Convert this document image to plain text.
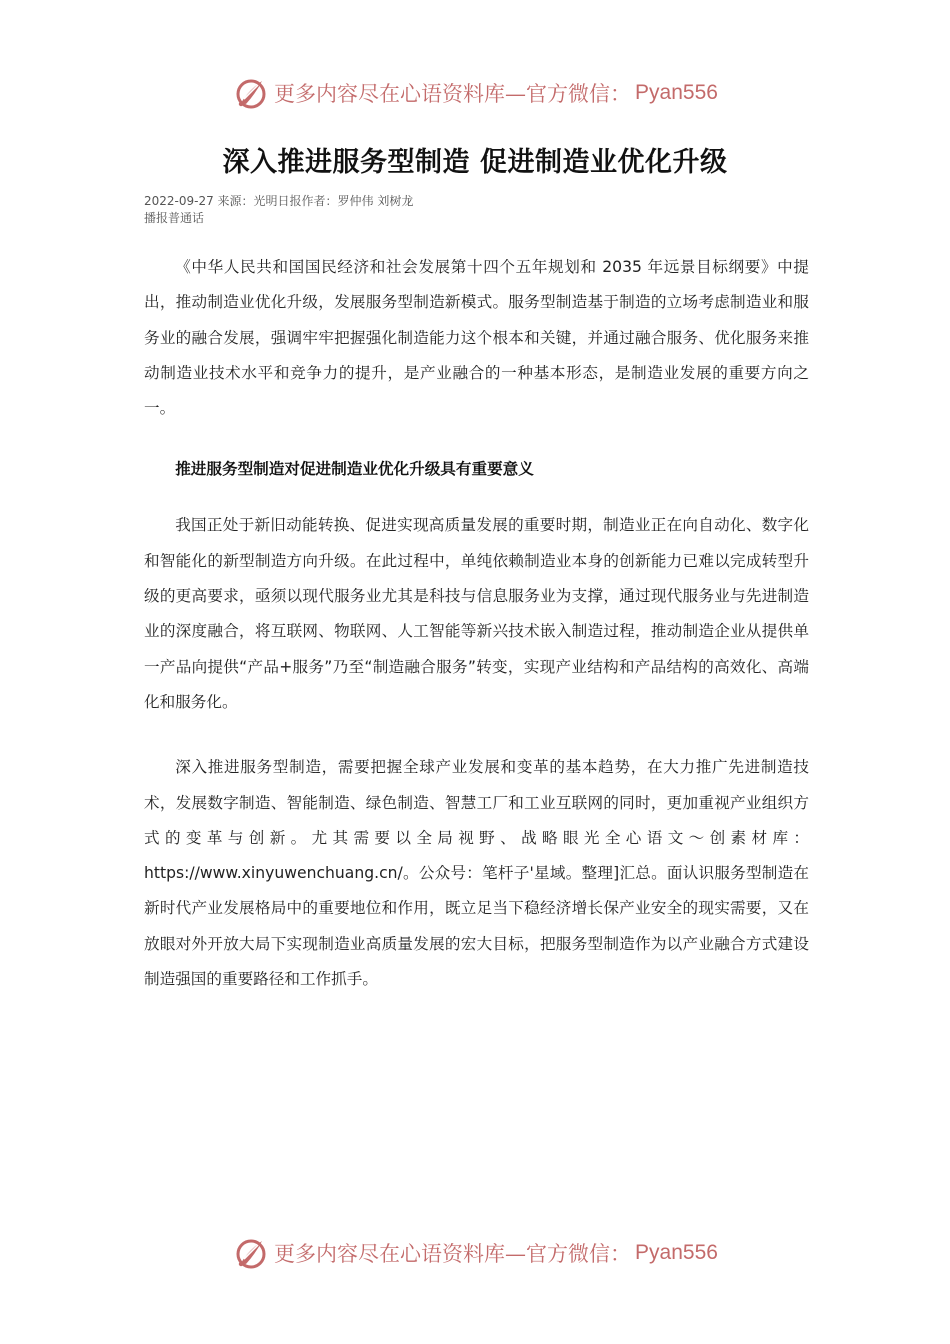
更多内容尽在心语资料库—官方微信： Pyan556
深入推进服务型制造 促进制造业优化升级
2022-09-27 来源：光明日报作者：罗仲伟 刘树龙
播报普通话

《中华人民共和国国民经济和社会发展第十四个五年规划和 2035 年远景目标纲要》中提出，推动制造业优化升级，发展服务型制造新模式。服务型制造基于制造的立场考虑制造业和服务业的融合发展，强调牢牢把握强化制造能力这个根本和关键，并通过融合服务、优化服务来推动制造业技术水平和竞争力的提升，是产业融合的一种基本形态，是制造业发展的重要方向之一。

推进服务型制造对促进制造业优化升级具有重要意义

我国正处于新旧动能转换、促进实现高质量发展的重要时期，制造业正在向自动化、数字化和智能化的新型制造方向升级。在此过程中，单纯依赖制造业本身的创新能力已难以完成转型升级的更高要求，亟须以现代服务业尤其是科技与信息服务业为支撑，通过现代服务业与先进制造业的深度融合，将互联网、物联网、人工智能等新兴技术嵌入制造过程，推动制造企业从提供单一产品向提供“产品+服务”乃至“制造融合服务”转变，实现产业结构和产品结构的高效化、高端化和服务化。

深入推进服务型制造，需要把握全球产业发展和变革的基本趋势，在大力推广先进制造技术，发展数字制造、智能制造、绿色制造、智慧工厂和工业互联网的同时，更加重视产业组织方式的变革与创新。尤其需要以全局视野、战略眼光全心语文～创素材库：https://www.xinyuwenchuang.cn/。公众号：笔杆子'星域。整理]汇总。面认识服务型制造在新时代产业发展格局中的重要地位和作用，既立足当下稳经济增长保产业安全的现实需要，又在放眼对外开放大局下实现制造业高质量发展的宏大目标，把服务型制造作为以产业融合方式建设制造强国的重要路径和工作抓手。

更多内容尽在心语资料库—官方微信： Pyan556
